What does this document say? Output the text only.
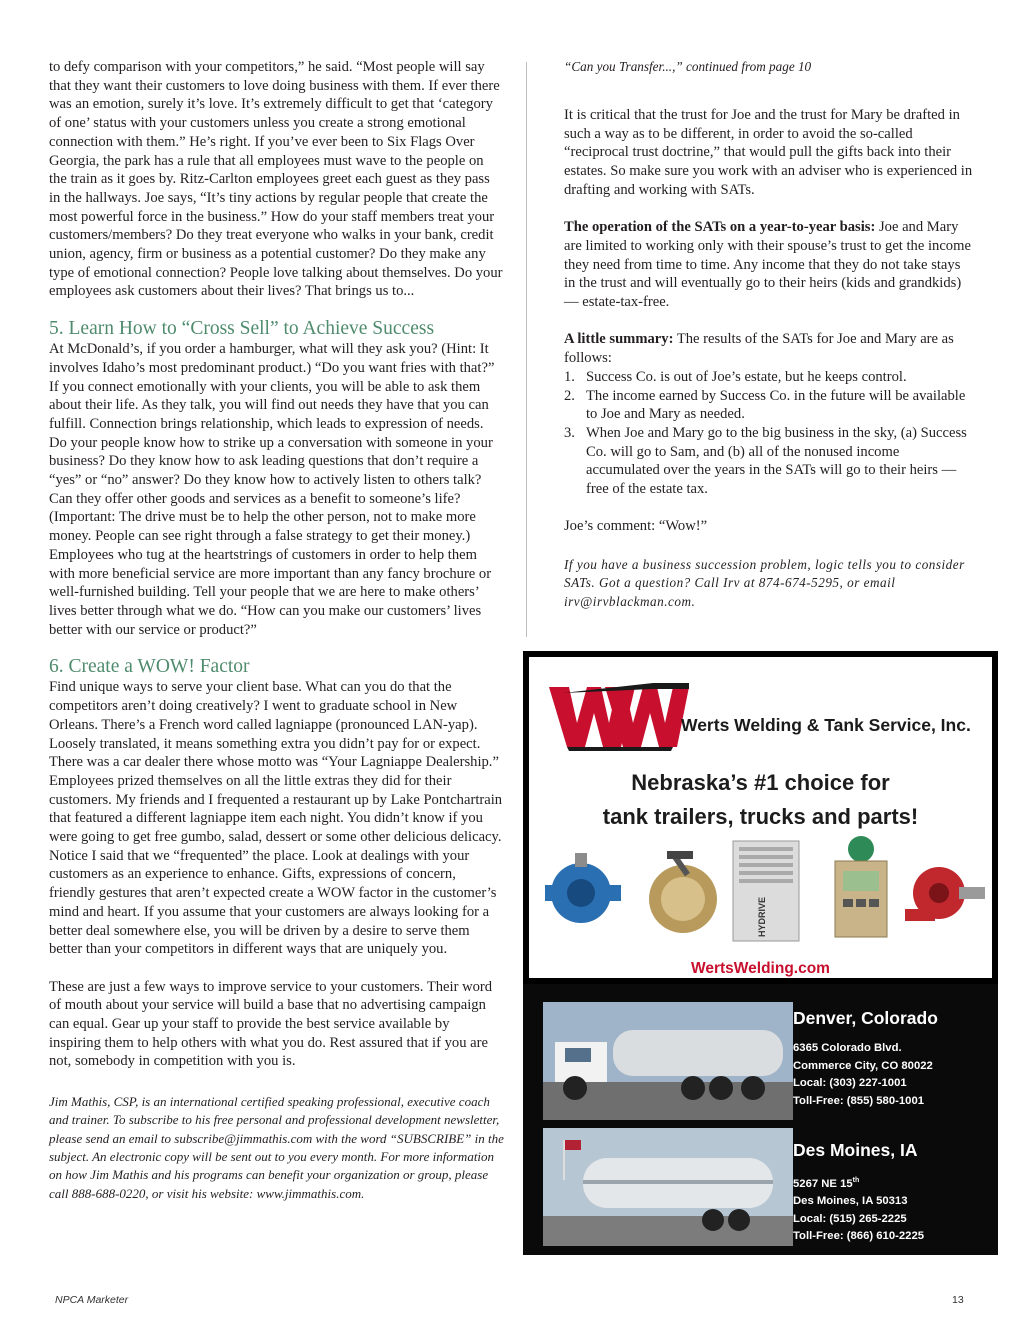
to defy comparison with your competitors,” he said. “Most people will say that they want their customers to love doing business with them. If ever there was an emotion, surely it’s love. It’s extremely difficult to get that ‘category of one’ status with your customers unless you create a strong emotional connection with them.” He’s right. If you’ve ever been to Six Flags Over Georgia, the park has a rule that all employees must wave to the people on the train as it goes by. Ritz-Carlton employees greet each guest as they pass in the hallways. Joe says, “It’s tiny actions by regular people that create the most powerful force in the business.” How do your staff members treat your customers/members? Do they treat everyone who walks in your bank, credit union, agency, firm or business as a potential customer? Do they make any type of emotional connection? People love talking about themselves. Do your employees ask customers about their lives? That brings us to...

5. Learn How to “Cross Sell” to Achieve Success

At McDonald’s, if you order a hamburger, what will they ask you? (Hint: It involves Idaho’s most predominant product.) “Do you want fries with that?” If you connect emotionally with your clients, you will be able to ask them about their life. As they talk, you will find out needs they have that you can fulfill. Connection brings relationship, which leads to expression of needs. Do your people know how to strike up a conversation with someone in your business? Do they know how to ask leading questions that don’t require a “yes” or “no” answer? Do they know how to actively listen to others talk? Can they offer other goods and services as a benefit to someone’s life? (Important: The drive must be to help the other person, not to make more money. People can see right through a false strategy to get their money.) Employees who tug at the heartstrings of customers in order to help them with more beneficial service are more important than any fancy brochure or well-furnished building. Tell your people that we are here to make others’ lives better through what we do. “How can you make our customers’ lives better with our service or product?”

6. Create a WOW! Factor

Find unique ways to serve your client base. What can you do that the competitors aren’t doing creatively? I went to graduate school in New Orleans. There’s a French word called lagniappe (pronounced LAN-yap). Loosely translated, it means something extra you didn’t pay for or expect. There was a car dealer there whose motto was “Your Lagniappe Dealership.” Employees prized themselves on all the little extras they did for their customers. My friends and I frequented a restaurant up by Lake Pontchartrain that featured a different lagniappe item each night. You didn’t know if you were going to get free gumbo, salad, dessert or some other delicious delicacy. Notice I said that we “frequented” the place. Look at dealings with your customers as an experience to enhance. Gifts, expressions of concern, friendly gestures that aren’t expected create a WOW factor in the customer’s mind and heart. If you assume that your customers are always looking for a better deal somewhere else, you will be driven by a desire to serve them better than your competitors in different ways that are uniquely you.

These are just a few ways to improve service to your customers. Their word of mouth about your service will build a base that no advertising campaign can equal. Gear up your staff to provide the best service available by inspiring them to help others with what you do. Rest assured that if you are not, somebody in competition with you is.

Jim Mathis, CSP, is an international certified speaking professional, executive coach and trainer. To subscribe to his free personal and professional development newsletter, please send an email to subscribe@jimmathis.com with the word “SUBSCRIBE” in the subject. An electronic copy will be sent out to you every month. For more information on how Jim Mathis and his programs can benefit your organization or group, please call 888-688-0220, or visit his website: www.jimmathis.com.

“Can you Transfer...,” continued from page 10

It is critical that the trust for Joe and the trust for Mary be drafted in such a way as to be different, in order to avoid the so-called “reciprocal trust doctrine,” that would pull the gifts back into their estates. So make sure you work with an adviser who is experienced in drafting and working with SATs.

The operation of the SATs on a year-to-year basis: Joe and Mary are limited to working only with their spouse’s trust to get the income they need from time to time. Any income that they do not take stays in the trust and will eventually go to their heirs (kids and grandkids) — estate-tax-free.

A little summary: The results of the SATs for Joe and Mary are as follows:

1. Success Co. is out of Joe’s estate, but he keeps control.
2. The income earned by Success Co. in the future will be available to Joe and Mary as needed.
3. When Joe and Mary go to the big business in the sky, (a) Success Co. will go to Sam, and (b) all of the nonused income accumulated over the years in the SATs will go to their heirs — free of the estate tax.

Joe’s comment: “Wow!”

If you have a business succession problem, logic tells you to consider SATs. Got a question? Call Irv at 874-674-5295, or email irv@irvblackman.com.

Werts Welding & Tank Service, Inc.
Nebraska’s #1 choice for
tank trailers, trucks and parts!
HYDRIVE
WertsWelding.com
Denver, Colorado
6365 Colorado Blvd.
Commerce City, CO 80022
Local: (303) 227-1001
Toll-Free: (855) 580-1001
Des Moines, IA
5267 NE 15th
Des Moines, IA 50313
Local: (515) 265-2225
Toll-Free: (866) 610-2225
NPCA Marketer	13
